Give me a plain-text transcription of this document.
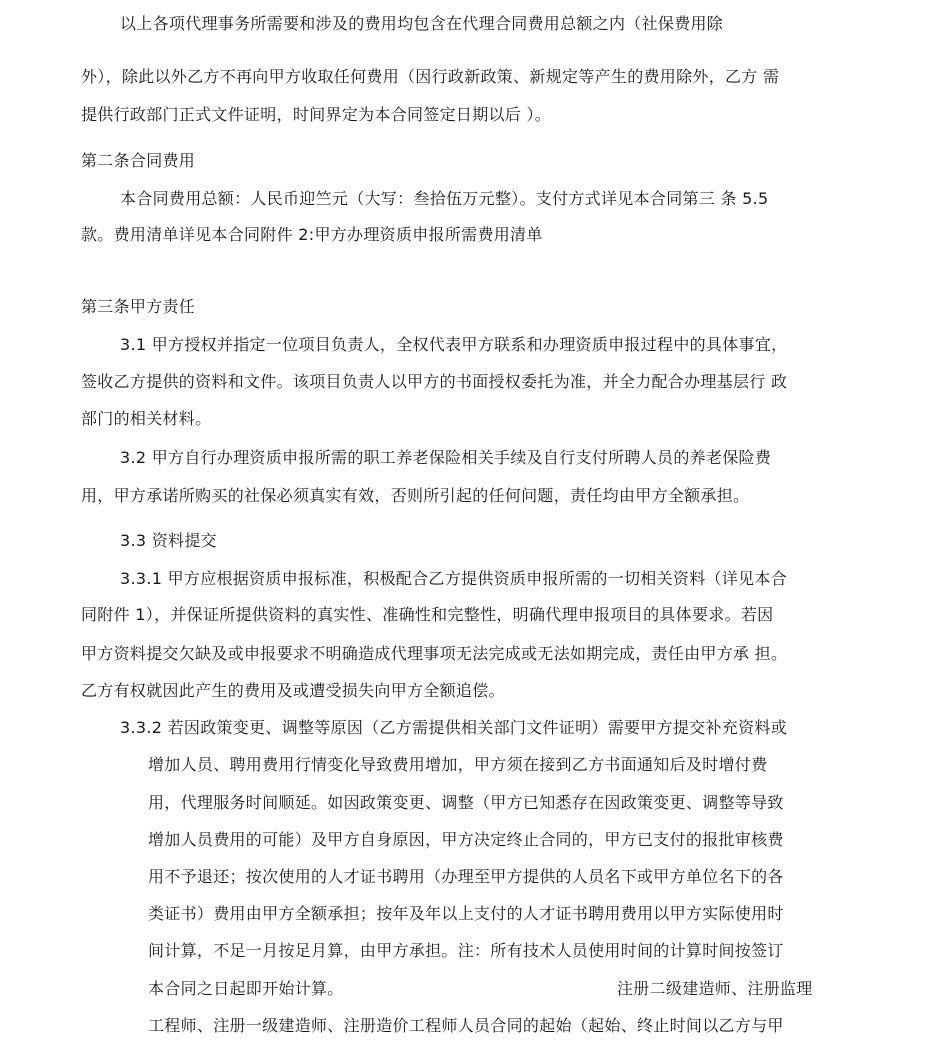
以上各项代理事务所需要和涉及的费用均包含在代理合同费用总额之内（社保费用除
外），除此以外乙方不再向甲方收取任何费用（因行政新政策、新规定等产生的费用除外，乙方 需
提供行政部门正式文件证明，时间界定为本合同签定日期以后 ）。
第二条合同费用
本合同费用总额：人民币迎竺元（大写：叁拾伍万元整）。支付方式详见本合同第三 条 5.5
款。费用清单详见本合同附件 2:甲方办理资质申报所需费用清单
第三条甲方责任
3.1 甲方授权并指定一位项目负责人，全权代表甲方联系和办理资质申报过程中的具体事宜，
签收乙方提供的资料和文件。该项目负责人以甲方的书面授权委托为准，并全力配合办理基层行 政
部门的相关材料。
3.2 甲方自行办理资质申报所需的职工养老保险相关手续及自行支付所聘人员的养老保险费
用，甲方承诺所购买的社保必须真实有效，否则所引起的任何问题，责任均由甲方全额承担。
3.3 资料提交
3.3.1 甲方应根据资质申报标准，积极配合乙方提供资质申报所需的一切相关资料（详见本合
同附件 1），并保证所提供资料的真实性、准确性和完整性，明确代理申报项目的具体要求。若因
甲方资料提交欠缺及或申报要求不明确造成代理事项无法完成或无法如期完成，责任由甲方承 担。
乙方有权就因此产生的费用及或遭受损失向甲方全额追偿。
3.3.2 若因政策变更、调整等原因（乙方需提供相关部门文件证明）需要甲方提交补充资料或
增加人员、聘用费用行情变化导致费用增加，甲方须在接到乙方书面通知后及时增付费
用，代理服务时间顺延。如因政策变更、调整（甲方已知悉存在因政策变更、调整等导致
增加人员费用的可能）及甲方自身原因，甲方决定终止合同的，甲方已支付的报批审核费
用不予退还；按次使用的人才证书聘用（办理至甲方提供的人员名下或甲方单位名下的各
类证书）费用由甲方全额承担；按年及年以上支付的人才证书聘用费用以甲方实际使用时
间计算，不足一月按足月算，由甲方承担。注：所有技术人员使用时间的计算时间按签订
本合同之日起即开始计算。	注册二级建造师、注册监理
工程师、注册一级建造师、注册造价工程师人员合同的起始（起始、终止时间以乙方与甲
